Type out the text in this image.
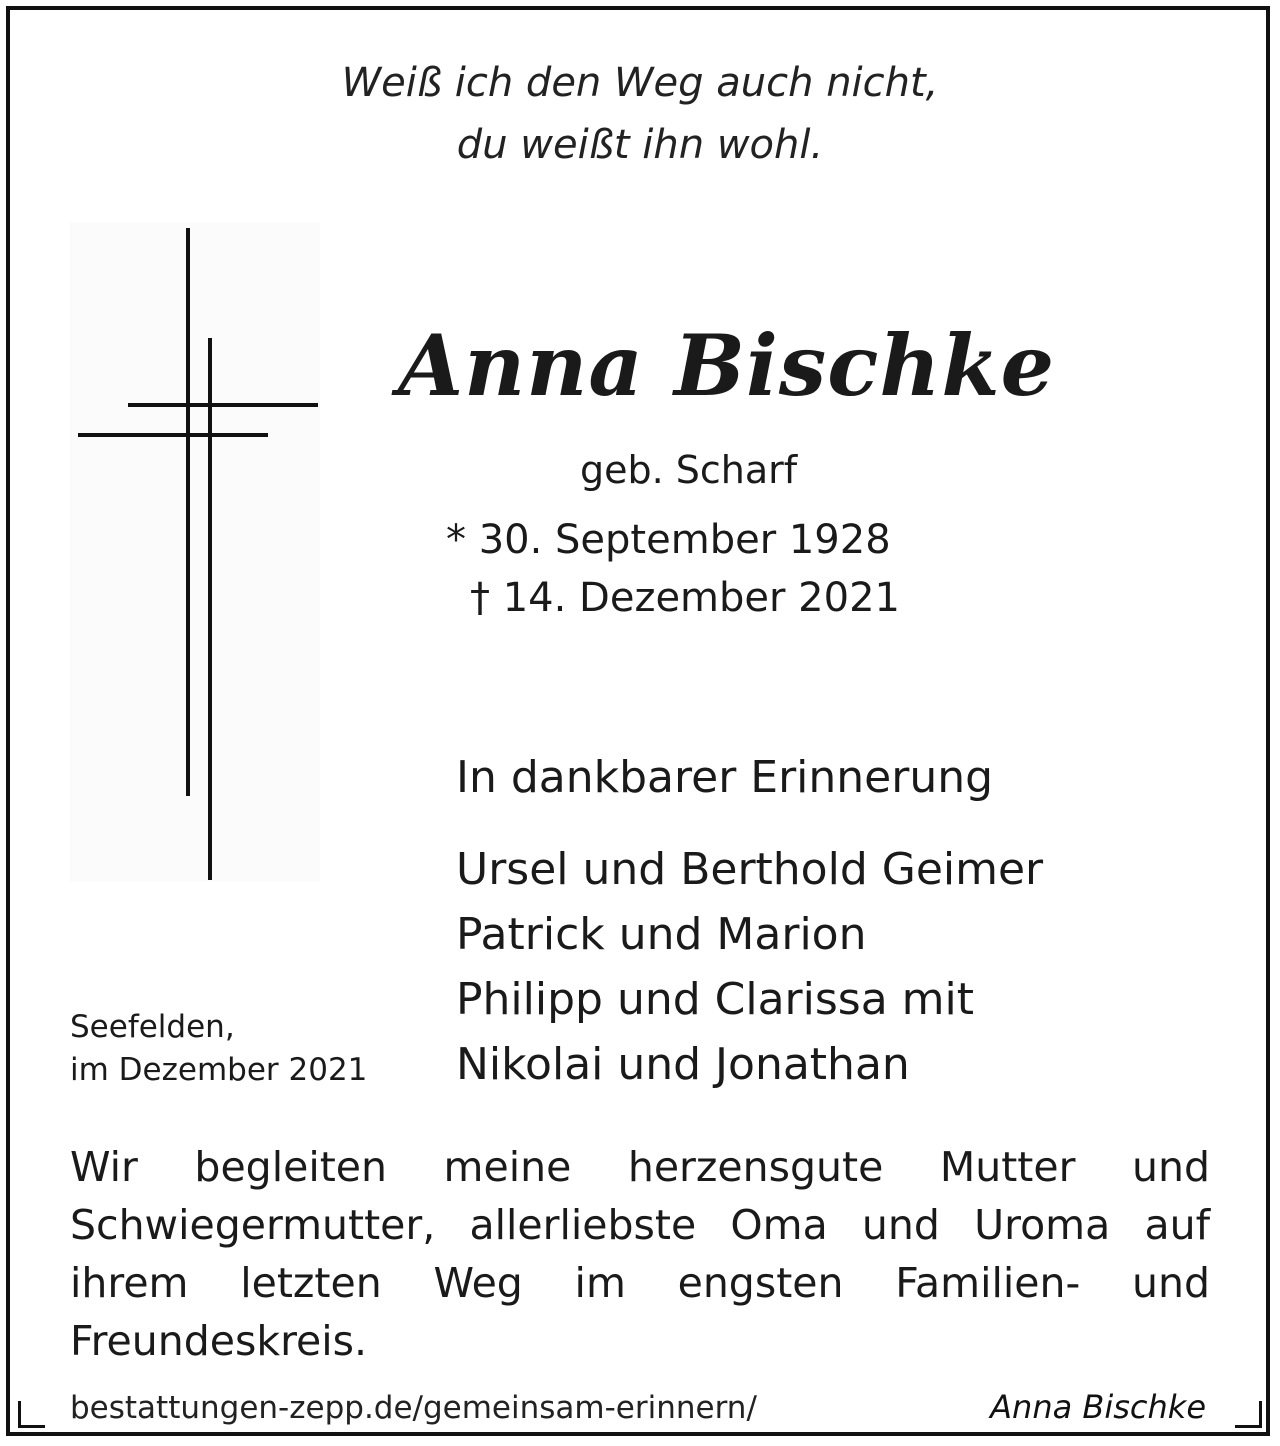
Weiß ich den Weg auch nicht,

du weißt ihn wohl.

Anna Bischke

geb. Scharf

* 30. September 1928

† 14. Dezember 2021

In dankbarer Erinnerung

Ursel und Berthold Geimer

Patrick und Marion

Philipp und Clarissa mit

Nikolai und Jonathan

Seefelden,

im Dezember 2021

Wir begleiten meine herzensgute Mutter und Schwiegermutter, allerliebste Oma und Uroma auf ihrem letzten Weg im engsten Familien- und Freundeskreis.

bestattungen-zepp.de/gemeinsam-erinnern/	Anna Bischke
